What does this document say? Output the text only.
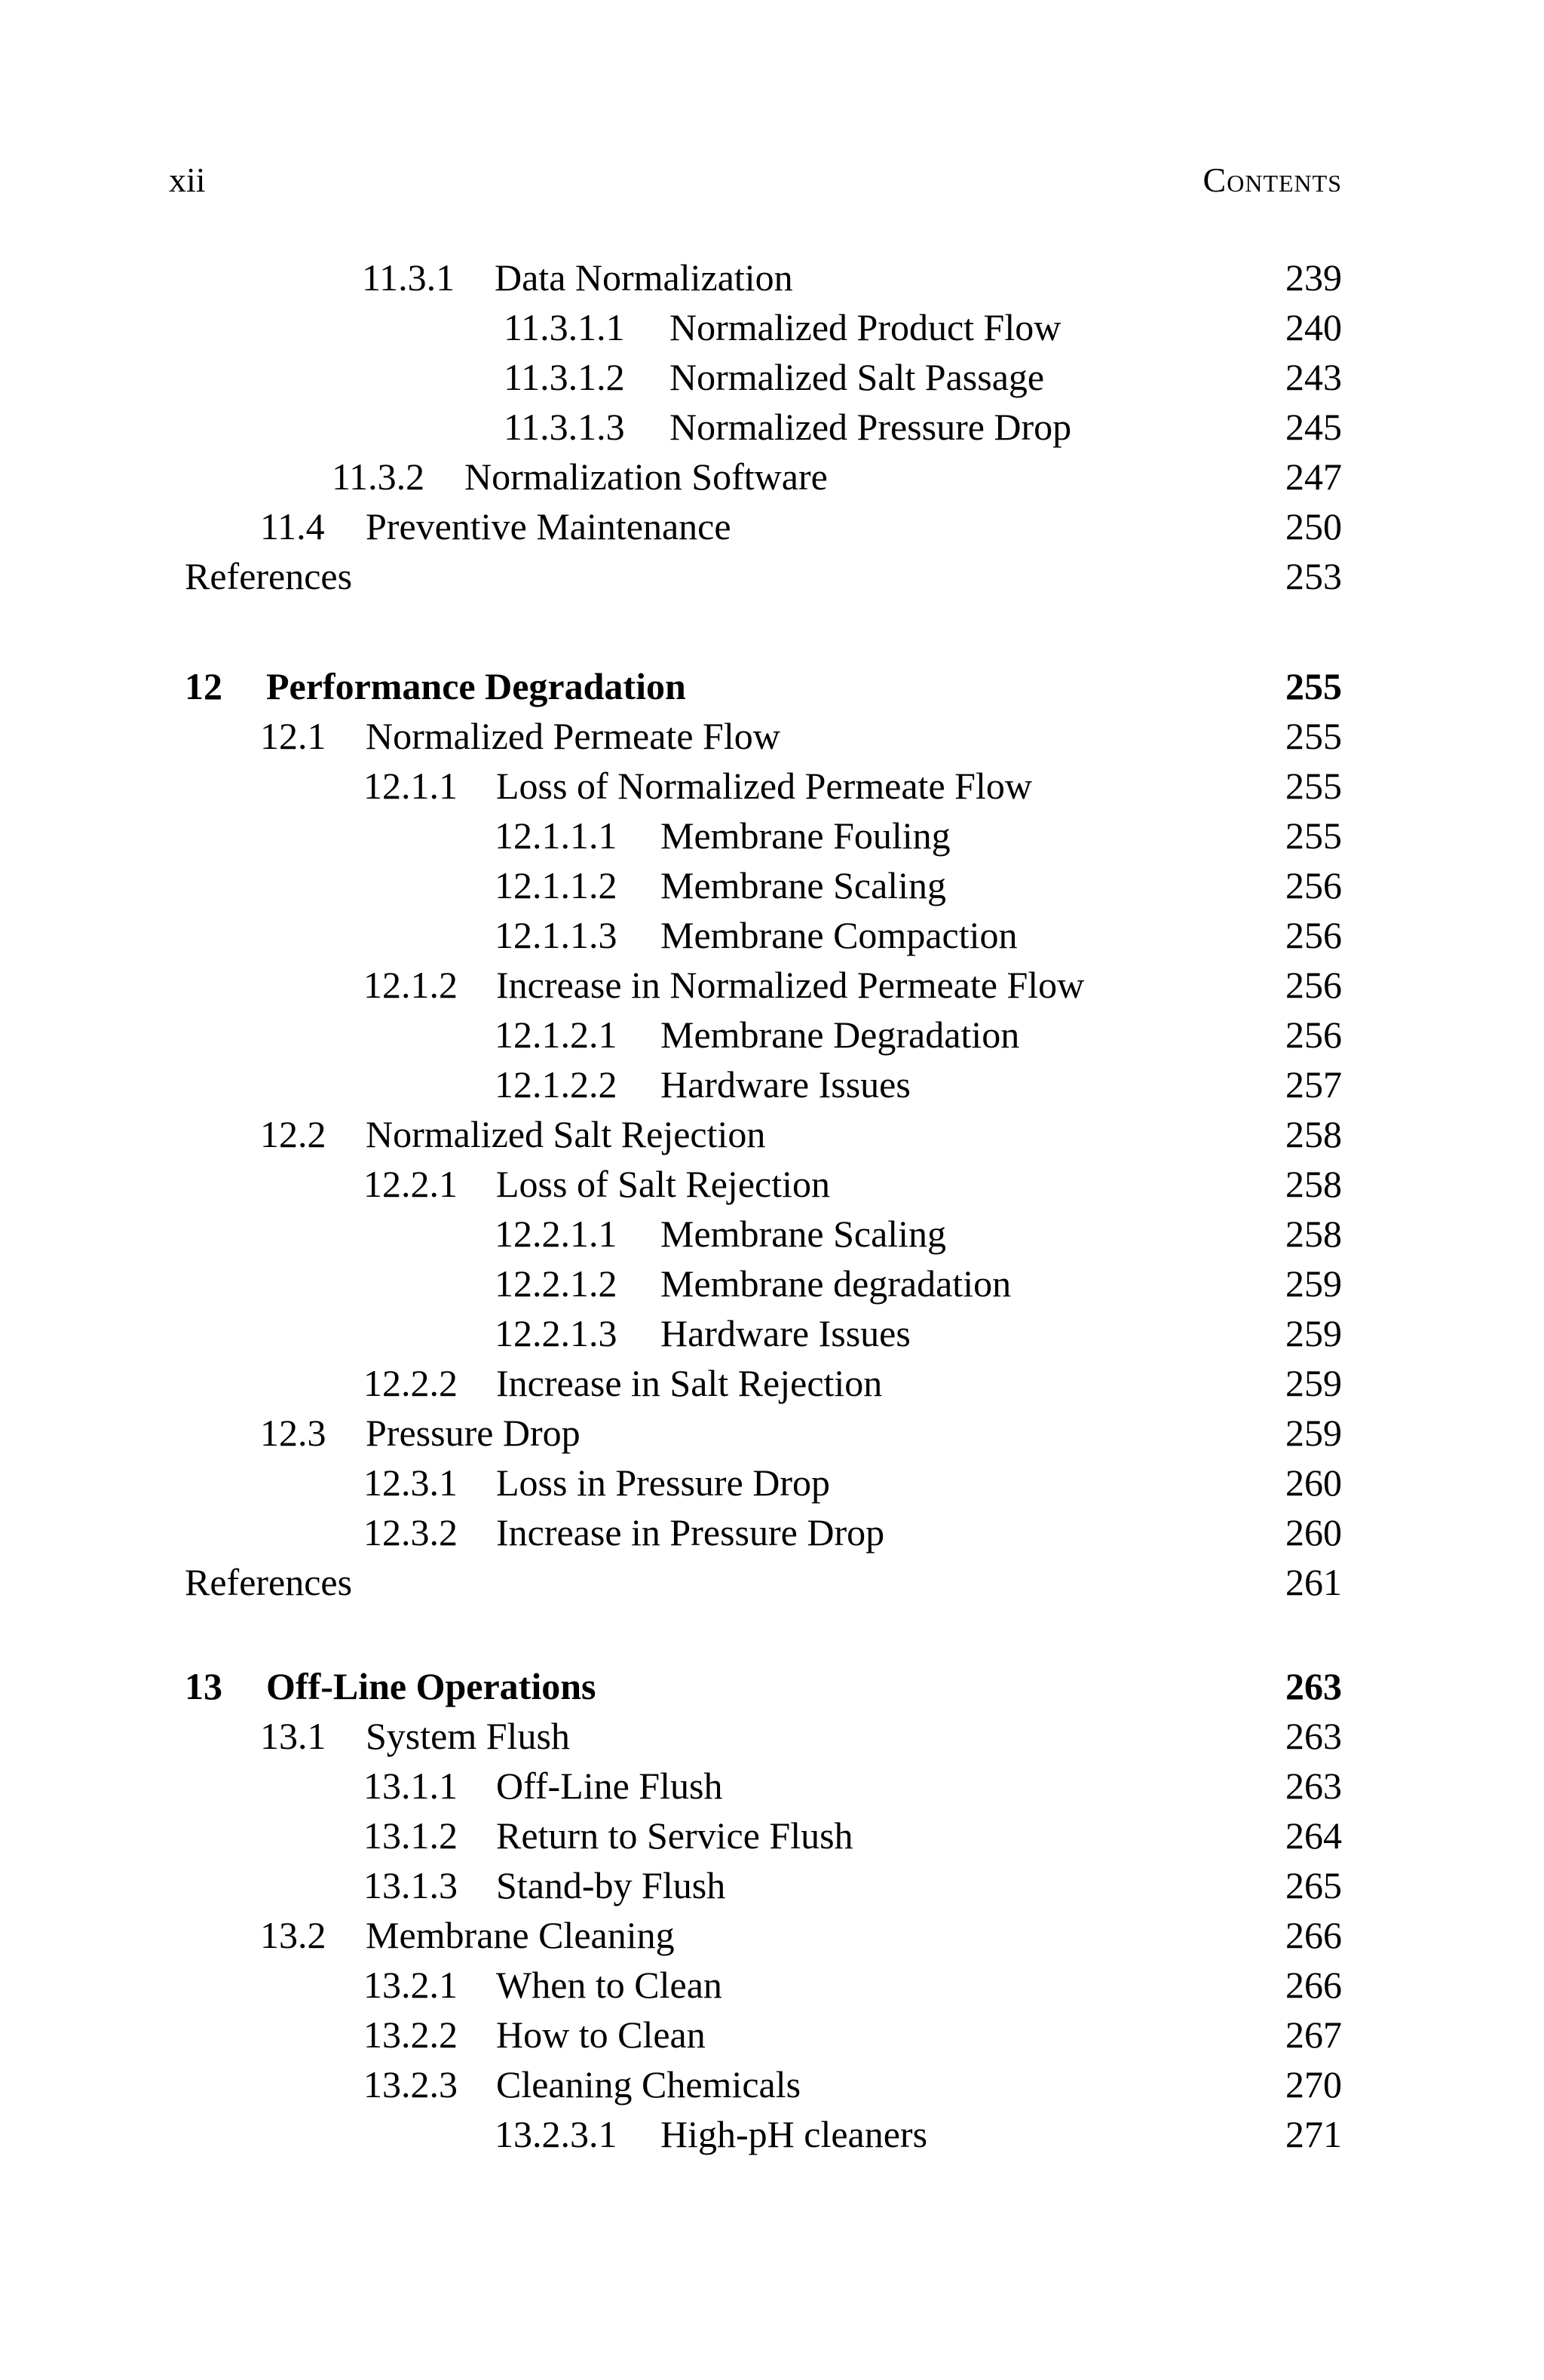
xii	Contents
11.3.1 Data Normalization	239
11.3.1.1 Normalized Product Flow	240
11.3.1.2 Normalized Salt Passage	243
11.3.1.3 Normalized Pressure Drop	245
11.3.2 Normalization Software	247
11.4 Preventive Maintenance	250
References	253
12 Performance Degradation	255
12.1 Normalized Permeate Flow	255
12.1.1 Loss of Normalized Permeate Flow	255
12.1.1.1 Membrane Fouling	255
12.1.1.2 Membrane Scaling	256
12.1.1.3 Membrane Compaction	256
12.1.2 Increase in Normalized Permeate Flow	256
12.1.2.1 Membrane Degradation	256
12.1.2.2 Hardware Issues	257
12.2 Normalized Salt Rejection	258
12.2.1 Loss of Salt Rejection	258
12.2.1.1 Membrane Scaling	258
12.2.1.2 Membrane degradation	259
12.2.1.3 Hardware Issues	259
12.2.2 Increase in Salt Rejection	259
12.3 Pressure Drop	259
12.3.1 Loss in Pressure Drop	260
12.3.2 Increase in Pressure Drop	260
References	261
13 Off-Line Operations	263
13.1 System Flush	263
13.1.1 Off-Line Flush	263
13.1.2 Return to Service Flush	264
13.1.3 Stand-by Flush	265
13.2 Membrane Cleaning	266
13.2.1 When to Clean	266
13.2.2 How to Clean	267
13.2.3 Cleaning Chemicals	270
13.2.3.1 High-pH cleaners	271
